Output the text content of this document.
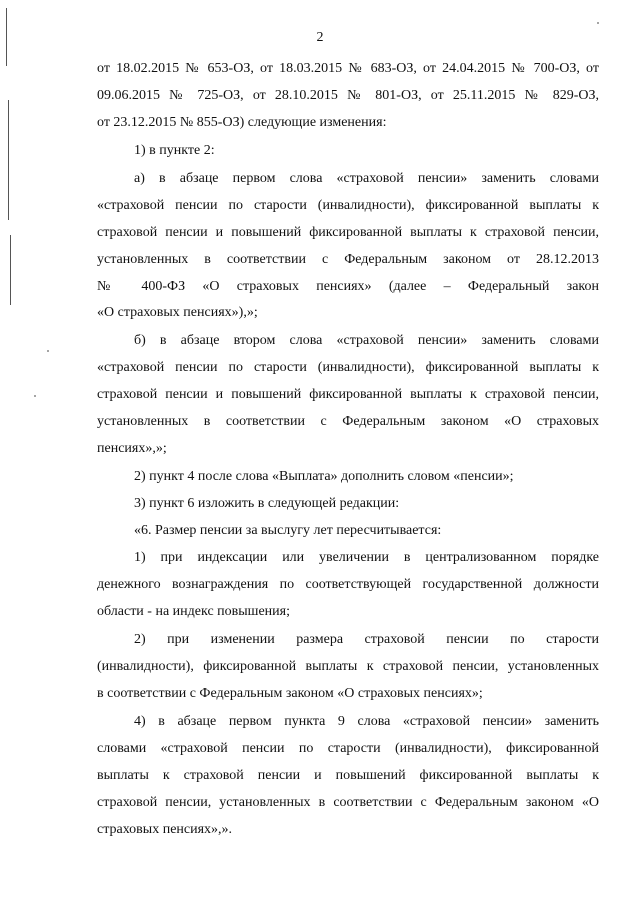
2
от 18.02.2015 № 653-ОЗ, от 18.03.2015 № 683-ОЗ, от 24.04.2015 № 700-ОЗ, от
09.06.2015 № 725-ОЗ, от 28.10.2015 № 801-ОЗ, от 25.11.2015 № 829-ОЗ,
от 23.12.2015 № 855-ОЗ) следующие изменения:
1) в пункте 2:
а) в абзаце первом слова «страховой пенсии» заменить словами
«страховой пенсии по старости (инвалидности), фиксированной выплаты к
страховой пенсии и повышений фиксированной выплаты к страховой пенсии,
установленных в соответствии с Федеральным законом от 28.12.2013
№ 400-ФЗ «О страховых пенсиях» (далее – Федеральный закон
«О страховых пенсиях»),»;
б) в абзаце втором слова «страховой пенсии» заменить словами
«страховой пенсии по старости (инвалидности), фиксированной выплаты к
страховой пенсии и повышений фиксированной выплаты к страховой пенсии,
установленных в соответствии с Федеральным законом «О страховых
пенсиях»,»;
2) пункт 4 после слова «Выплата» дополнить словом «пенсии»;
3) пункт 6 изложить в следующей редакции:
«6. Размер пенсии за выслугу лет пересчитывается:
1) при индексации или увеличении в централизованном порядке
денежного вознаграждения по соответствующей государственной должности
области - на индекс повышения;
2) при изменении размера страховой пенсии по старости
(инвалидности), фиксированной выплаты к страховой пенсии, установленных
в соответствии с Федеральным законом «О страховых пенсиях»;
4) в абзаце первом пункта 9 слова «страховой пенсии» заменить
словами «страховой пенсии по старости (инвалидности), фиксированной
выплаты к страховой пенсии и повышений фиксированной выплаты к
страховой пенсии, установленных в соответствии с Федеральным законом «О
страховых пенсиях»,».
